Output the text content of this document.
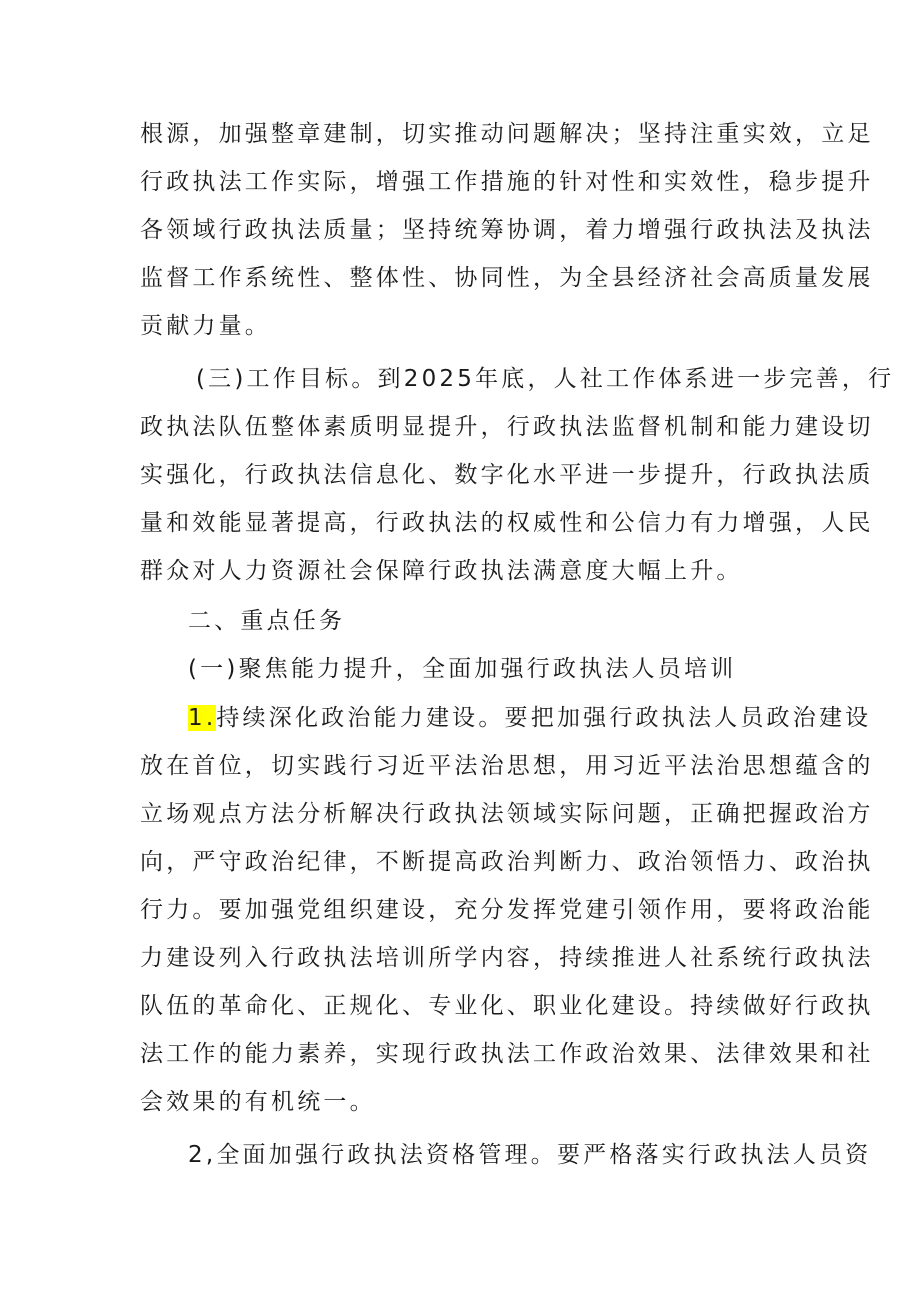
根源，加强整章建制，切实推动问题解决；坚持注重实效，立足
行政执法工作实际，增强工作措施的针对性和实效性，稳步提升
各领域行政执法质量；坚持统筹协调，着力增强行政执法及执法
监督工作系统性、整体性、协同性，为全县经济社会高质量发展
贡献力量。
(三)工作目标。到2025年底，人社工作体系进一步完善，行
政执法队伍整体素质明显提升，行政执法监督机制和能力建设切
实强化，行政执法信息化、数字化水平进一步提升，行政执法质
量和效能显著提高，行政执法的权威性和公信力有力增强，人民
群众对人力资源社会保障行政执法满意度大幅上升。
二、重点任务
(一)聚焦能力提升，全面加强行政执法人员培训
1.持续深化政治能力建设。要把加强行政执法人员政治建设
放在首位，切实践行习近平法治思想，用习近平法治思想蕴含的
立场观点方法分析解决行政执法领域实际问题，正确把握政治方
向，严守政治纪律，不断提高政治判断力、政治领悟力、政治执
行力。要加强党组织建设，充分发挥党建引领作用，要将政治能
力建设列入行政执法培训所学内容，持续推进人社系统行政执法
队伍的革命化、正规化、专业化、职业化建设。持续做好行政执
法工作的能力素养，实现行政执法工作政治效果、法律效果和社
会效果的有机统一。
2,全面加强行政执法资格管理。要严格落实行政执法人员资
